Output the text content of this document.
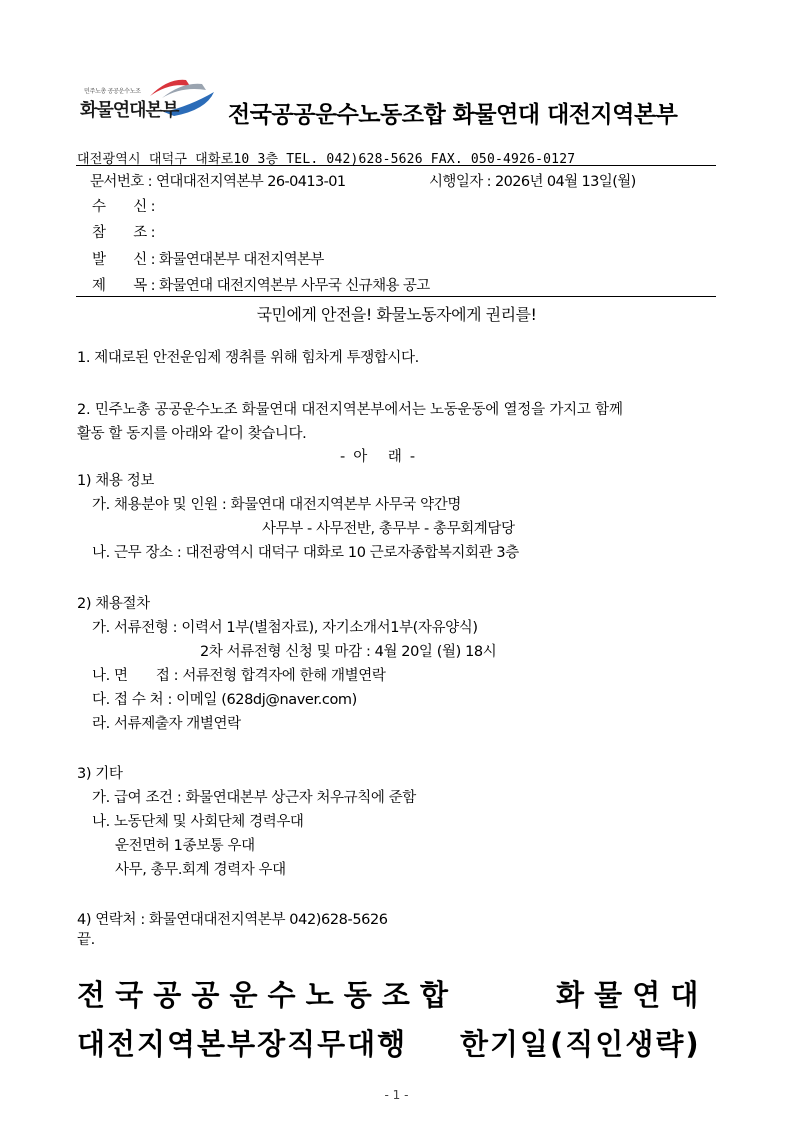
민주노총 공공운수노조
화물연대본부 전국공공운수노동조합 화물연대 대전지역본부
대전광역시 대덕구 대화로10 3층 TEL. 042)628-5626 FAX. 050-4926-0127
문서번호 : 연대대전지역본부 26-0413-01	시행일자 : 2026년 04월 13일(월)
수　　신 :
참　　조 :
발　　신 : 화물연대본부 대전지역본부
제　　목 : 화물연대 대전지역본부 사무국 신규채용 공고
국민에게 안전을! 화물노동자에게 권리를!
1. 제대로된 안전운임제 쟁취를 위해 힘차게 투쟁합시다.
2. 민주노총 공공운수노조 화물연대 대전지역본부에서는 노동운동에 열정을 가지고 함께
활동 할 동지를 아래와 같이 찾습니다.
-  아     래  -
1) 채용 정보
가. 채용분야 및 인원 : 화물연대 대전지역본부 사무국 약간명
사무부 - 사무전반, 총무부 - 총무회계담당
나. 근무 장소 : 대전광역시 대덕구 대화로 10 근로자종합복지회관 3층
2) 채용절차
가. 서류전형 : 이력서 1부(별첨자료), 자기소개서1부(자유양식)
2차 서류전형 신청 및 마감 : 4월 20일 (월) 18시
나. 면　　접 : 서류전형 합격자에 한해 개별연락
다. 접 수 처 : 이메일 (628dj@naver.com)
라. 서류제출자 개별연락
3) 기타
가. 급여 조건 : 화물연대본부 상근자 처우규칙에 준함
나. 노동단체 및 사회단체 경력우대
운전면허 1종보통 우대
사무, 총무.회계 경력자 우대
4) 연락처 : 화물연대대전지역본부 042)628-5626
끝.
전 국 공 공 운 수 노 동 조 합	화 물 연 대
대전지역본부장직무대행 한기일(직인생략)
- 1 -
